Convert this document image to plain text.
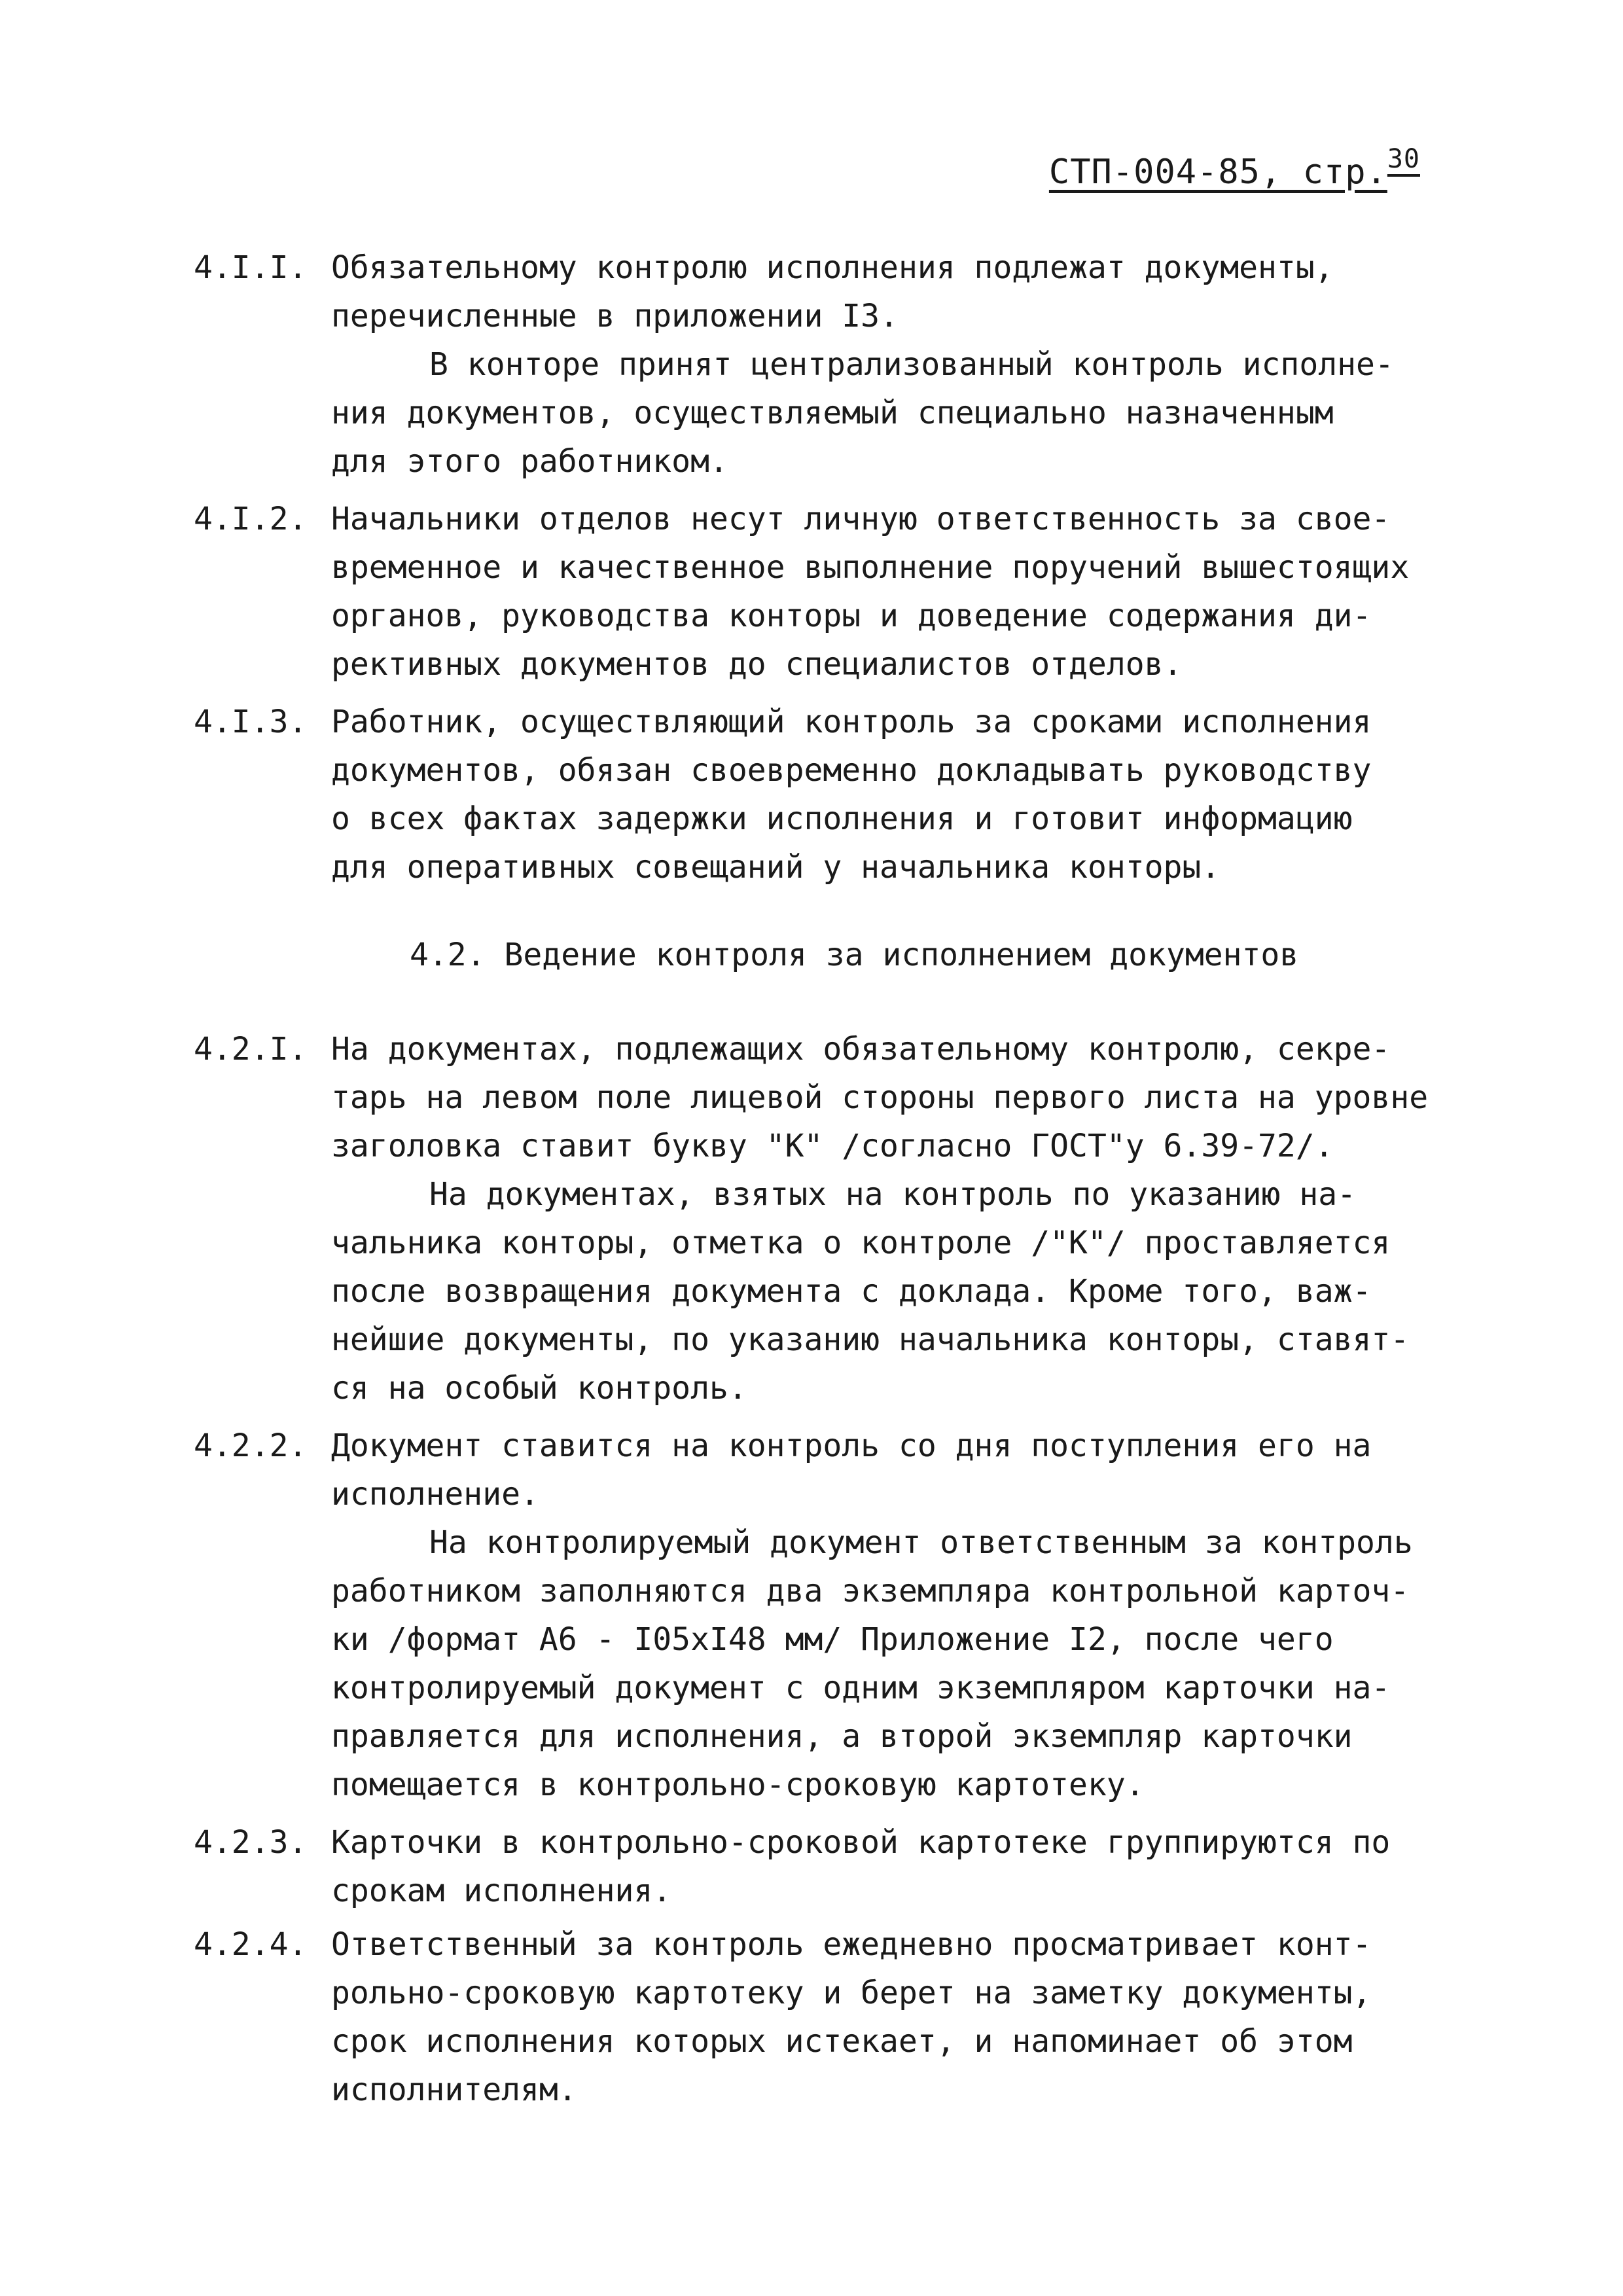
СТП-004-85, стр.$^{30}$
4.I.I. Обязательному контролю исполнения подлежат документы,
перечисленные в приложении I3.
В конторе принят централизованный контроль исполне-
ния документов, осуществляемый специально назначенным
для этого работником.
4.I.2. Начальники отделов несут личную ответственность за свое-
временное и качественное выполнение поручений вышестоящих
органов, руководства конторы и доведение содержания ди-
рективных документов до специалистов отделов.
4.I.3. Работник, осуществляющий контроль за сроками исполнения
документов, обязан своевременно докладывать руководству
о всех фактах задержки исполнения и готовит информацию
для оперативных совещаний у начальника конторы.
4.2. Ведение контроля за исполнением документов
4.2.I. На документах, подлежащих обязательному контролю, секре-
тарь на левом поле лицевой стороны первого листа на уровне
заголовка ставит букву "К" /согласно ГОСТ"у 6.39-72/.
На документах, взятых на контроль по указанию на-
чальника конторы, отметка о контроле /"К"/ проставляется
после возвращения документа с доклада. Кроме того, важ-
нейшие документы, по указанию начальника конторы, ставят-
ся на особый контроль.
4.2.2. Документ ставится на контроль со дня поступления его на
исполнение.
На контролируемый документ ответственным за контроль
работником заполняются два экземпляра контрольной карточ-
ки /формат А6 - I05хI48 мм/ Приложение I2, после чего
контролируемый документ с одним экземпляром карточки на-
правляется для исполнения, а второй экземпляр карточки
помещается в контрольно-сроковую картотеку.
4.2.3. Карточки в контрольно-сроковой картотеке группируются по
срокам исполнения.
4.2.4. Ответственный за контроль ежедневно просматривает конт-
рольно-сроковую картотеку и берет на заметку документы,
срок исполнения которых истекает, и напоминает об этом
исполнителям.
